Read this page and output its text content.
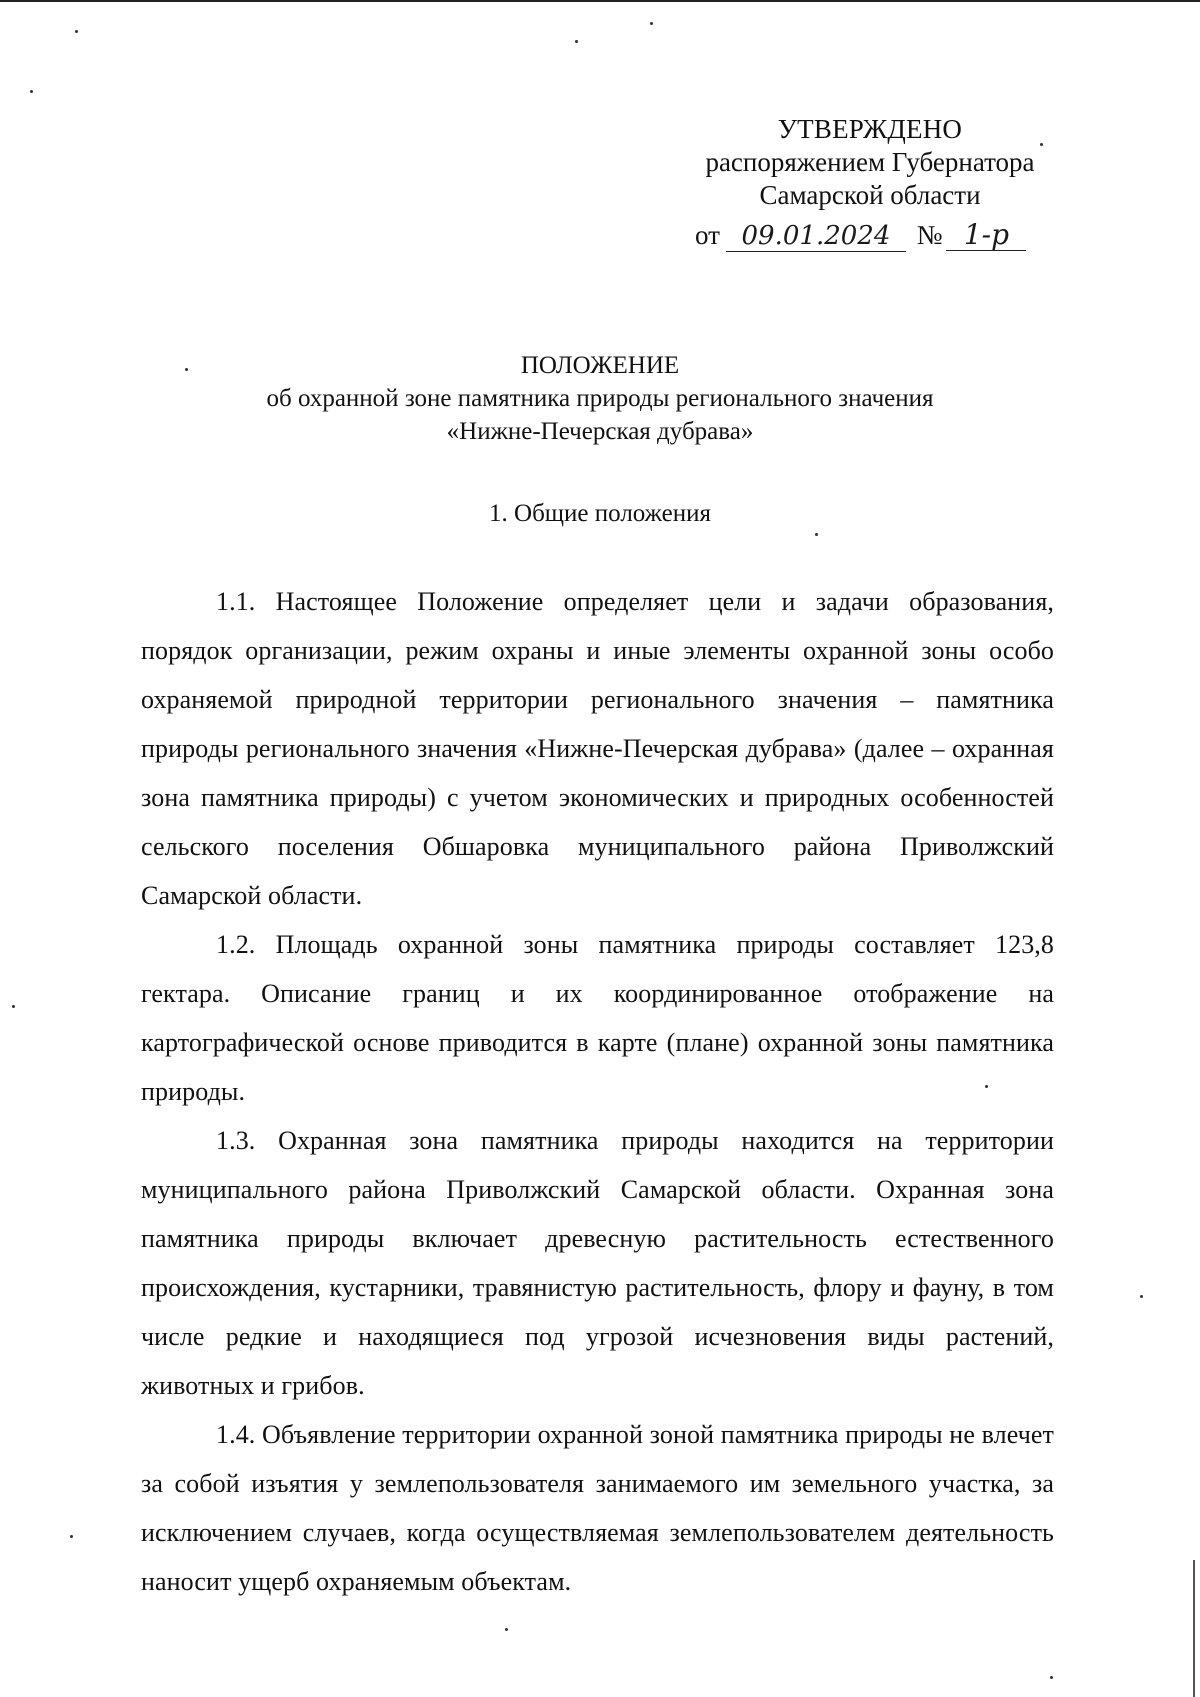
УТВЕРЖДЕНО
распоряжением Губернатора
Самарской области
от 09.01.2024 № 1-р
ПОЛОЖЕНИЕ
об охранной зоне памятника природы регионального значения
«Нижне-Печерская дубрава»
1. Общие положения

1.1. Настоящее Положение определяет цели и задачи образования, порядок организации, режим охраны и иные элементы охранной зоны особо охраняемой природной территории регионального значения – памятника природы регионального значения «Нижне-Печерская дубрава» (далее – охранная зона памятника природы) с учетом экономических и природных особенностей сельского поселения Обшаровка муниципального района Приволжский Самарской области.

1.2. Площадь охранной зоны памятника природы составляет 123,8 гектара. Описание границ и их координированное отображение на картографической основе приводится в карте (плане) охранной зоны памятника природы.

1.3. Охранная зона памятника природы находится на территории муниципального района Приволжский Самарской области. Охранная зона памятника природы включает древесную растительность естественного происхождения, кустарники, травянистую растительность, флору и фауну, в том числе редкие и находящиеся под угрозой исчезновения виды растений, животных и грибов.

1.4. Объявление территории охранной зоной памятника природы не влечет за собой изъятия у землепользователя занимаемого им земельного участка, за исключением случаев, когда осуществляемая землепользователем деятельность наносит ущерб охраняемым объектам.
